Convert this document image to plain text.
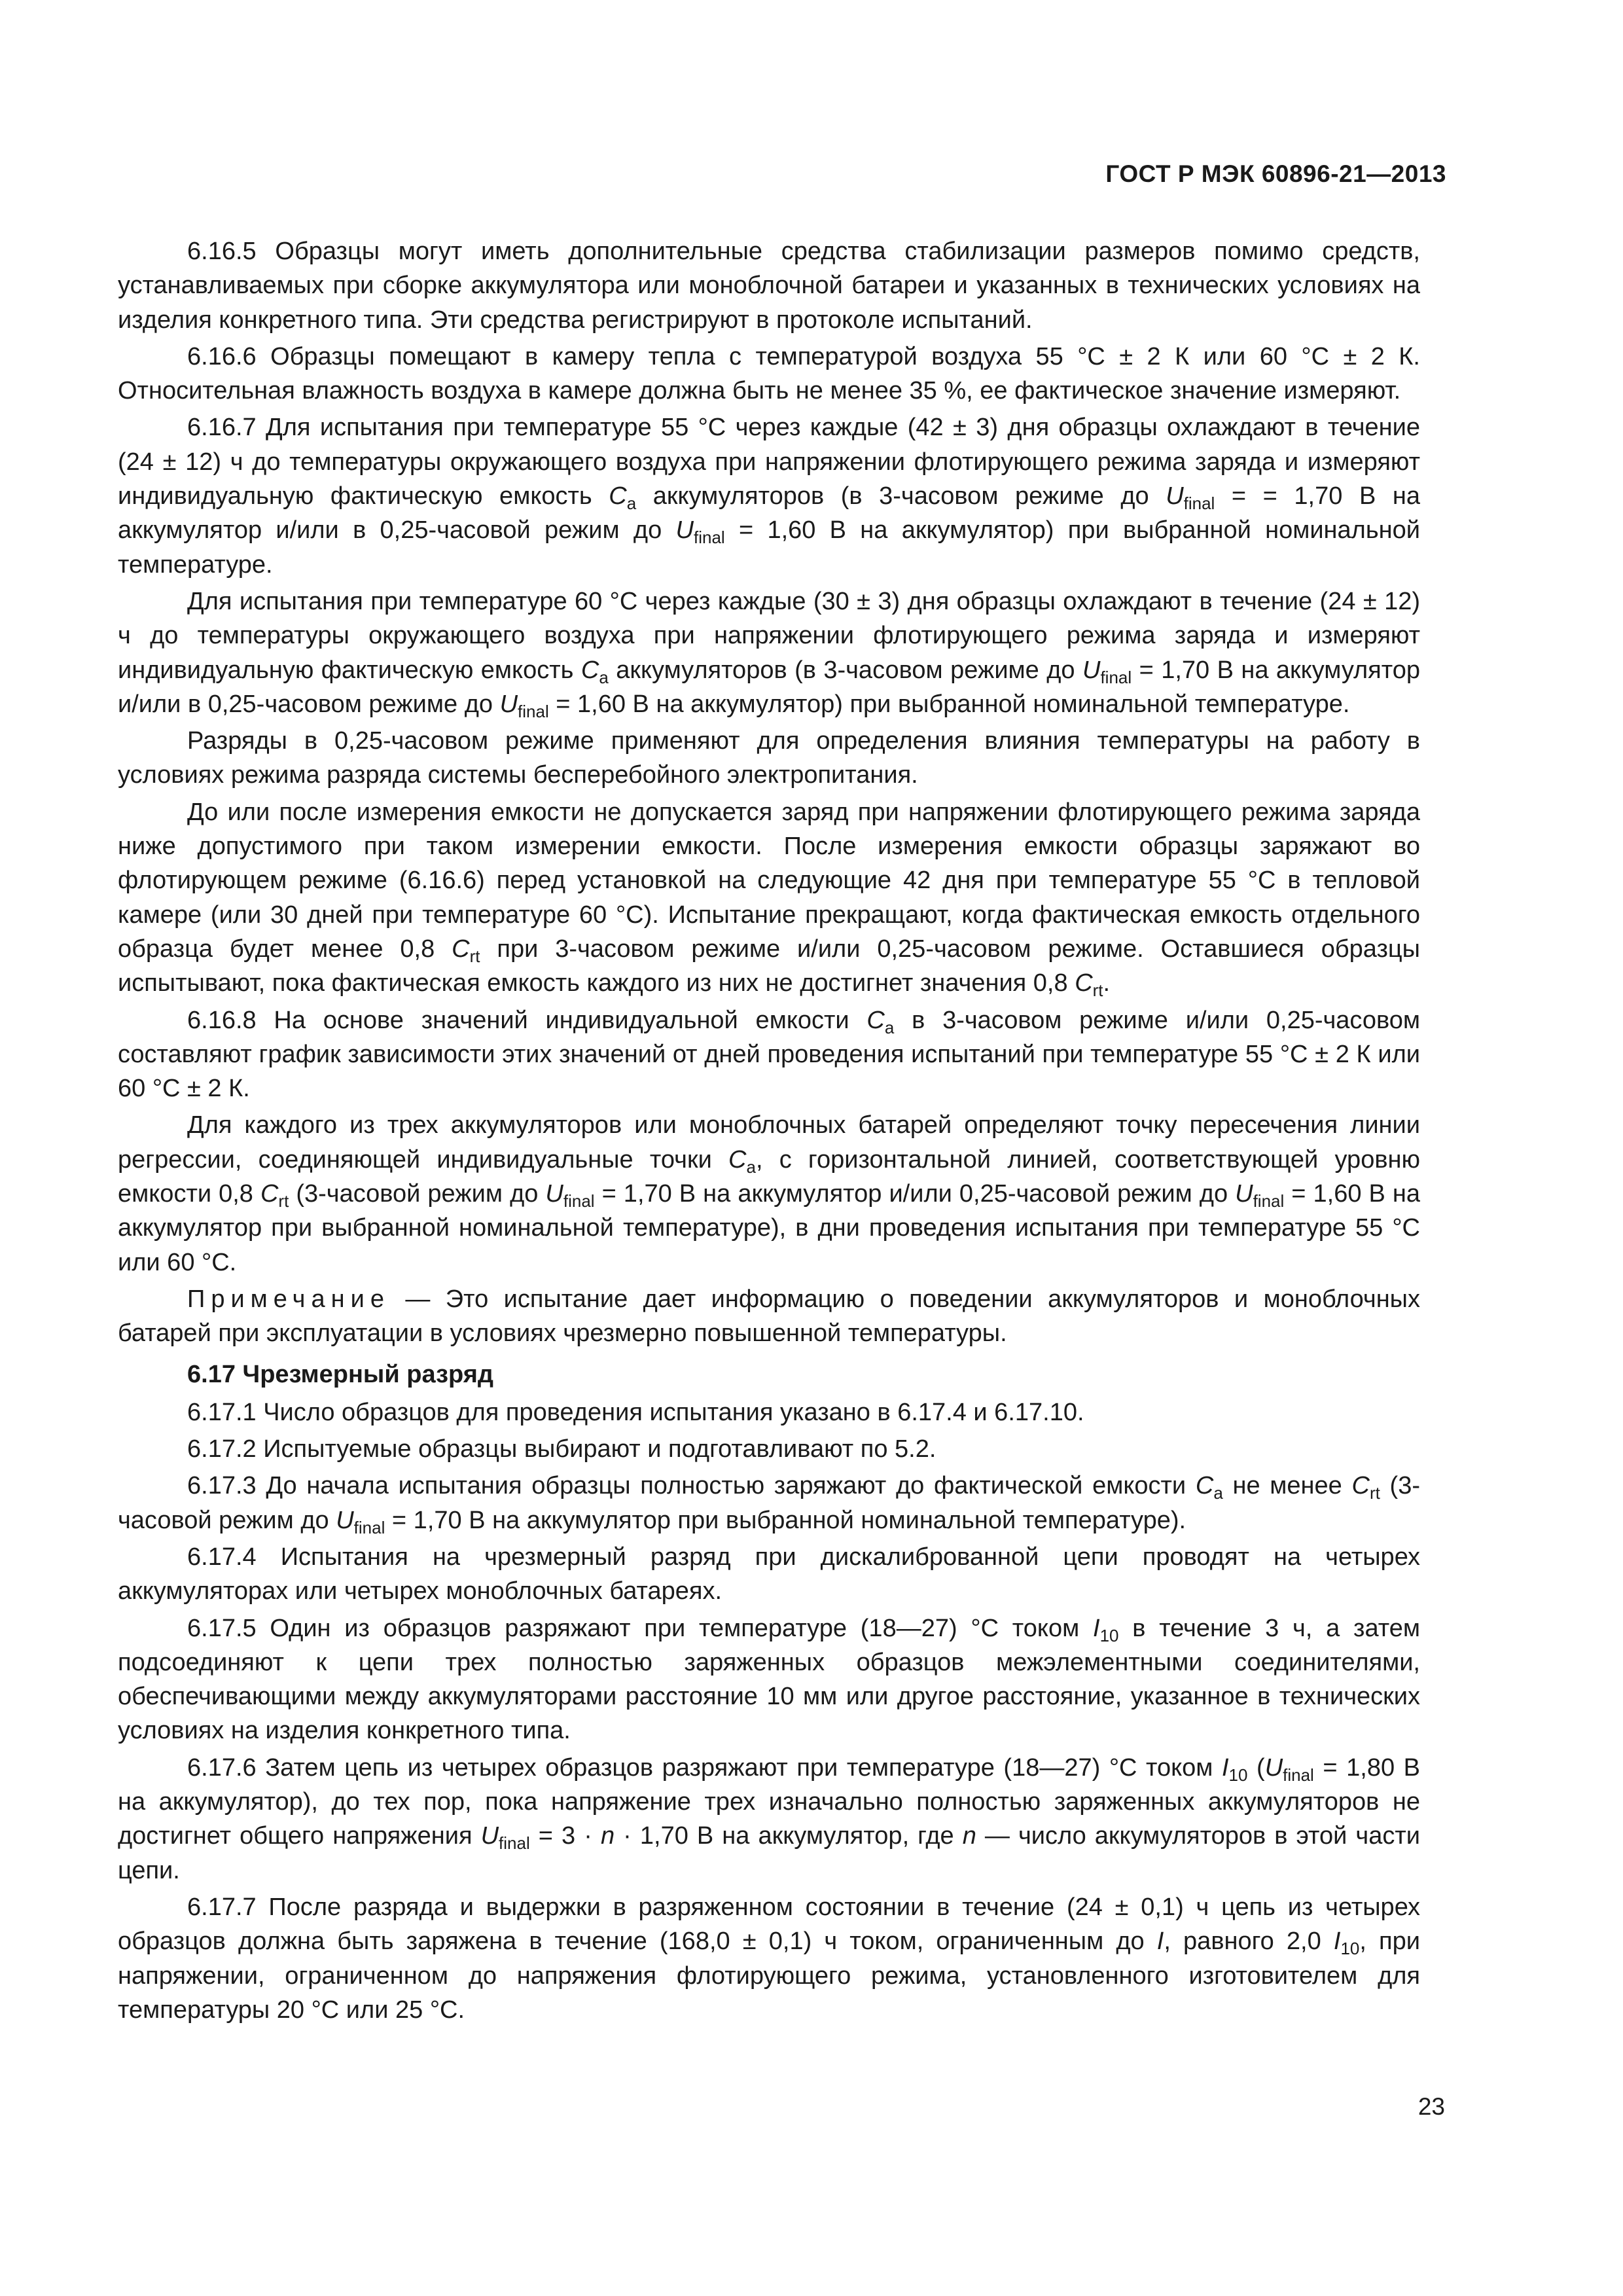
ГОСТ Р МЭК 60896-21—2013

6.16.5 Образцы могут иметь дополнительные средства стабилизации размеров помимо средств, устанавливаемых при сборке аккумулятора или моноблочной батареи и указанных в технических условиях на изделия конкретного типа. Эти средства регистрируют в протоколе испытаний.

6.16.6 Образцы помещают в камеру тепла с температурой воздуха 55 °С ± 2 К или 60 °С ± 2 К. Относительная влажность воздуха в камере должна быть не менее 35 %, ее фактическое значение измеряют.

6.16.7 Для испытания при температуре 55 °С через каждые (42 ± 3) дня образцы охлаждают в течение (24 ± 12) ч до температуры окружающего воздуха при напряжении флотирующего режима заряда и измеряют индивидуальную фактическую емкость $C_a$ аккумуляторов (в 3-часовом режиме до $U_{final}$ = = 1,70 В на аккумулятор и/или в 0,25-часовой режим до $U_{final} = 1,60$ В на аккумулятор) при выбранной номинальной температуре.

Для испытания при температуре 60 °С через каждые (30 ± 3) дня образцы охлаждают в течение (24 ± 12) ч до температуры окружающего воздуха при напряжении флотирующего режима заряда и измеряют индивидуальную фактическую емкость $C_a$ аккумуляторов (в 3-часовом режиме до $U_{final} = 1,70$ В на аккумулятор и/или в 0,25-часовом режиме до $U_{final} = 1,60$ В на аккумулятор) при выбранной номинальной температуре.

Разряды в 0,25-часовом режиме применяют для определения влияния температуры на работу в условиях режима разряда системы бесперебойного электропитания.

До или после измерения емкости не допускается заряд при напряжении флотирующего режима заряда ниже допустимого при таком измерении емкости. После измерения емкости образцы заряжают во флотирующем режиме (6.16.6) перед установкой на следующие 42 дня при температуре 55 °С в тепловой камере (или 30 дней при температуре 60 °С). Испытание прекращают, когда фактическая емкость отдельного образца будет менее 0,8 $C_{rt}$ при 3-часовом режиме и/или 0,25-часовом режиме. Оставшиеся образцы испытывают, пока фактическая емкость каждого из них не достигнет значения 0,8 $C_{rt}$.

6.16.8 На основе значений индивидуальной емкости $C_a$ в 3-часовом режиме и/или 0,25-часовом составляют график зависимости этих значений от дней проведения испытаний при температуре 55 °С ± 2 К или 60 °С ± 2 К.

Для каждого из трех аккумуляторов или моноблочных батарей определяют точку пересечения линии регрессии, соединяющей индивидуальные точки $C_a$, с горизонтальной линией, соответствующей уровню емкости 0,8 $C_{rt}$ (3-часовой режим до $U_{final} = 1,70$ В на аккумулятор и/или 0,25-часовой режим до $U_{final} = 1,60$ В на аккумулятор при выбранной номинальной температуре), в дни проведения испытания при температуре 55 °С или 60 °С.

Примечание — Это испытание дает информацию о поведении аккумуляторов и моноблочных батарей при эксплуатации в условиях чрезмерно повышенной температуры.

6.17 Чрезмерный разряд

6.17.1 Число образцов для проведения испытания указано в 6.17.4 и 6.17.10.

6.17.2 Испытуемые образцы выбирают и подготавливают по 5.2.

6.17.3 До начала испытания образцы полностью заряжают до фактической емкости $C_a$ не менее $C_{rt}$ (3-часовой режим до $U_{final} = 1,70$ В на аккумулятор при выбранной номинальной температуре).

6.17.4 Испытания на чрезмерный разряд при дискалиброванной цепи проводят на четырех аккумуляторах или четырех моноблочных батареях.

6.17.5 Один из образцов разряжают при температуре (18—27) °С током $I_{10}$ в течение 3 ч, а затем подсоединяют к цепи трех полностью заряженных образцов межэлементными соединителями, обеспечивающими между аккумуляторами расстояние 10 мм или другое расстояние, указанное в технических условиях на изделия конкретного типа.

6.17.6 Затем цепь из четырех образцов разряжают при температуре (18—27) °С током $I_{10}$ ($U_{final} = 1,80$ В на аккумулятор), до тех пор, пока напряжение трех изначально полностью заряженных аккумуляторов не достигнет общего напряжения $U_{final} = 3 \cdot n \cdot 1,70$ В на аккумулятор, где n — число аккумуляторов в этой части цепи.

6.17.7 После разряда и выдержки в разряженном состоянии в течение (24 ± 0,1) ч цепь из четырех образцов должна быть заряжена в течение (168,0 ± 0,1) ч током, ограниченным до I, равного 2,0 $I_{10}$, при напряжении, ограниченном до напряжения флотирующего режима, установленного изготовителем для температуры 20 °С или 25 °С.

23
